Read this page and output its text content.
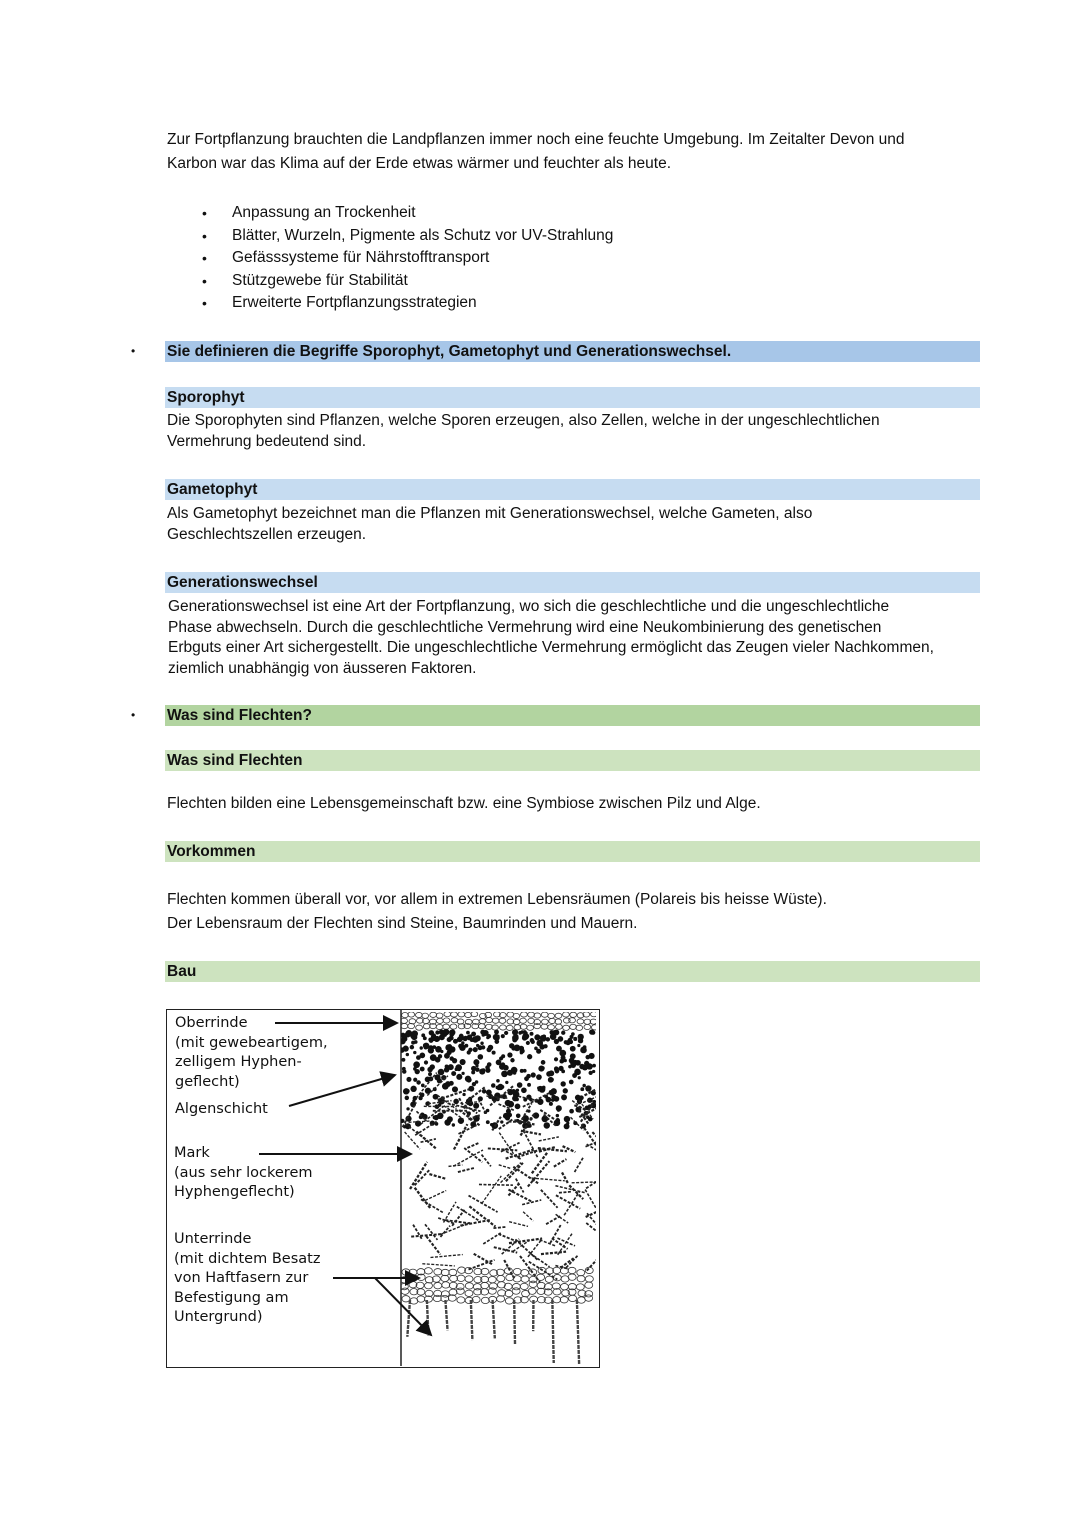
Zur Fortpflanzung brauchten die Landpflanzen immer noch eine feuchte Umgebung. Im Zeitalter Devon und

Karbon war das Klima auf der Erde etwas wärmer und feuchter als heute.

• Anpassung an Trockenheit
• Blätter, Wurzeln, Pigmente als Schutz vor UV-Strahlung
• Gefässsysteme für Nährstofftransport
• Stützgewebe für Stabilität
• Erweiterte Fortpflanzungsstrategien
• Sie definieren die Begriffe Sporophyt, Gametophyt und Generationswechsel.
Sporophyt

Die Sporophyten sind Pflanzen, welche Sporen erzeugen, also Zellen, welche in der ungeschlechtlichen

Vermehrung bedeutend sind.

Gametophyt

Als Gametophyt bezeichnet man die Pflanzen mit Generationswechsel, welche Gameten, also

Geschlechtszellen erzeugen.

Generationswechsel

Generationswechsel ist eine Art der Fortpflanzung, wo sich die geschlechtliche und die ungeschlechtliche

Phase abwechseln. Durch die geschlechtliche Vermehrung wird eine Neukombinierung des genetischen

Erbguts einer Art sichergestellt. Die ungeschlechtliche Vermehrung ermöglicht das Zeugen vieler Nachkommen,

ziemlich unabhängig von äusseren Faktoren.

• Was sind Flechten?
Was sind Flechten
Flechten bilden eine Lebensgemeinschaft bzw. eine Symbiose zwischen Pilz und Alge.
Vorkommen

Flechten kommen überall vor, vor allem in extremen Lebensräumen (Polareis bis heisse Wüste).

Der Lebensraum der Flechten sind Steine, Baumrinden und Mauern.

Bau

Oberrinde

(mit gewebeartigem,

zelligem Hyphen-

geflecht)

Algenschicht

Mark

(aus sehr lockerem

Hyphengeflecht)

Unterrinde

(mit dichtem Besatz

von Haftfasern zur

Befestigung am

Untergrund)
